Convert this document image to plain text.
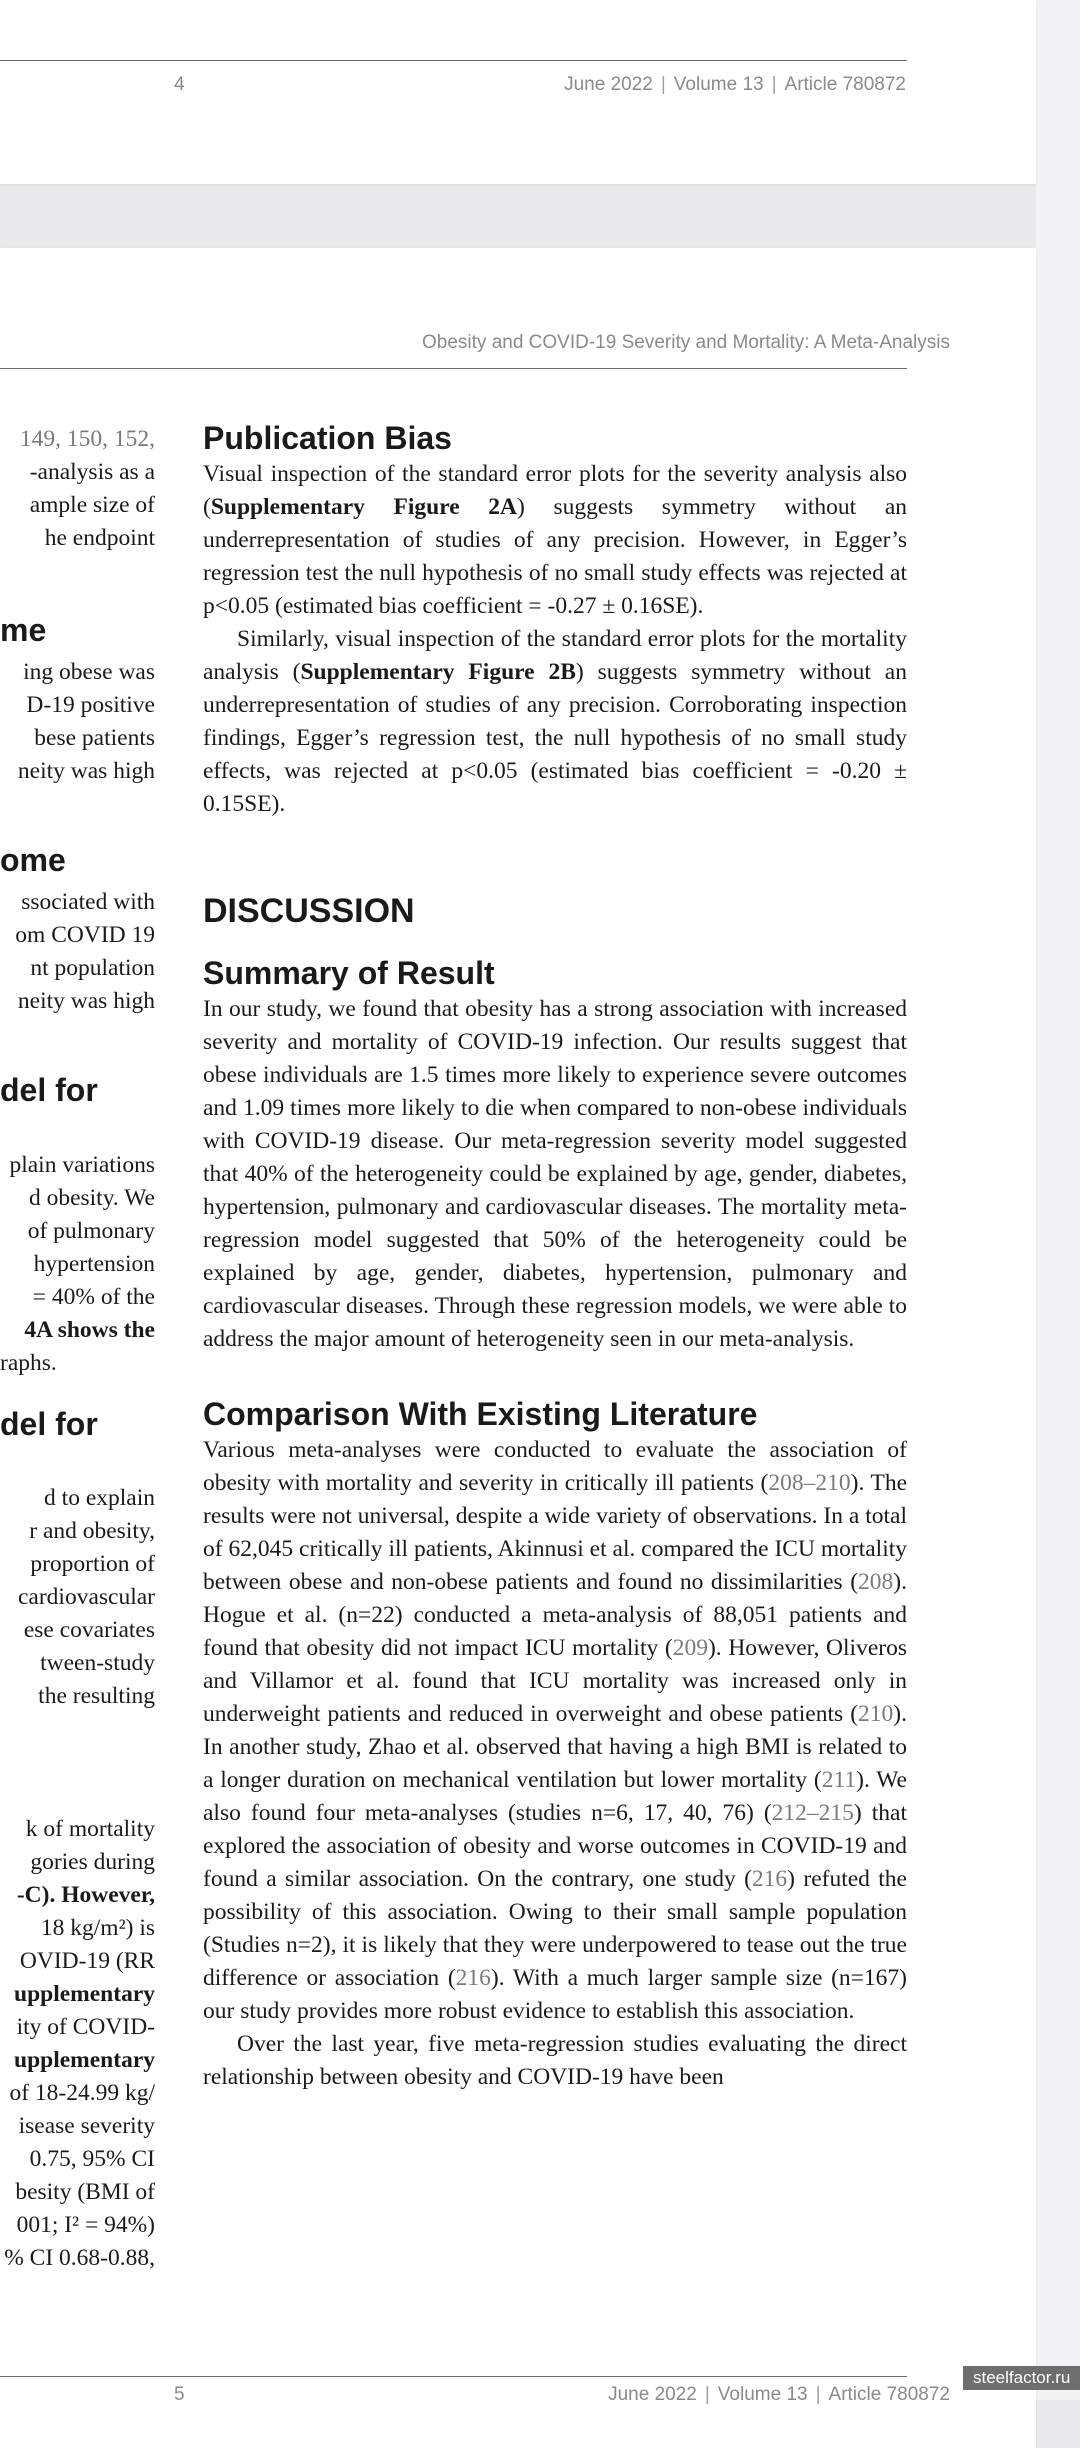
4	June 2022 | Volume 13 | Article 780872
Obesity and COVID-19 Severity and Mortality: A Meta-Analysis
149, 150, 152,
-analysis as a
ample size of
he endpoint
me
ing obese was
D-19 positive
bese patients
neity was high
ome
ssociated with
om COVID 19
nt population
neity was high
del for
plain variations
d obesity. We
of pulmonary
hypertension
= 40% of the
4A shows the
raphs.
del for
d to explain
r and obesity,
proportion of
cardiovascular
ese covariates
tween-study
the resulting
k of mortality
gories during
-C). However,
18 kg/m²) is
OVID-19 (RR
upplementary
ity of COVID-
upplementary
of 18-24.99 kg/
isease severity
0.75, 95% CI
besity (BMI of
001; I² = 94%)
% CI 0.68-0.88,
Publication Bias

Visual inspection of the standard error plots for the severity analysis also (Supplementary Figure 2A) suggests symmetry without an underrepresentation of studies of any precision. However, in Egger’s regression test the null hypothesis of no small study effects was rejected at p<0.05 (estimated bias coefficient = -0.27 ± 0.16SE).

Similarly, visual inspection of the standard error plots for the mortality analysis (Supplementary Figure 2B) suggests symmetry without an underrepresentation of studies of any precision. Corroborating inspection findings, Egger’s regression test, the null hypothesis of no small study effects, was rejected at p<0.05 (estimated bias coefficient = -0.20 ± 0.15SE).

DISCUSSION
Summary of Result

In our study, we found that obesity has a strong association with increased severity and mortality of COVID-19 infection. Our results suggest that obese individuals are 1.5 times more likely to experience severe outcomes and 1.09 times more likely to die when compared to non-obese individuals with COVID-19 disease. Our meta-regression severity model suggested that 40% of the heterogeneity could be explained by age, gender, diabetes, hypertension, pulmonary and cardiovascular diseases. The mortality meta-regression model suggested that 50% of the heterogeneity could be explained by age, gender, diabetes, hypertension, pulmonary and cardiovascular diseases. Through these regression models, we were able to address the major amount of heterogeneity seen in our meta-analysis.

Comparison With Existing Literature

Various meta-analyses were conducted to evaluate the association of obesity with mortality and severity in critically ill patients (208–210). The results were not universal, despite a wide variety of observations. In a total of 62,045 critically ill patients, Akinnusi et al. compared the ICU mortality between obese and non-obese patients and found no dissimilarities (208). Hogue et al. (n=22) conducted a meta-analysis of 88,051 patients and found that obesity did not impact ICU mortality (209). However, Oliveros and Villamor et al. found that ICU mortality was increased only in underweight patients and reduced in overweight and obese patients (210). In another study, Zhao et al. observed that having a high BMI is related to a longer duration on mechanical ventilation but lower mortality (211). We also found four meta-analyses (studies n=6, 17, 40, 76) (212–215) that explored the association of obesity and worse outcomes in COVID-19 and found a similar association. On the contrary, one study (216) refuted the possibility of this association. Owing to their small sample population (Studies n=2), it is likely that they were underpowered to tease out the true difference or association (216). With a much larger sample size (n=167) our study provides more robust evidence to establish this association.

Over the last year, five meta-regression studies evaluating the direct relationship between obesity and COVID-19 have been

5	June 2022 | Volume 13 | Article 780872
steelfactor.ru
